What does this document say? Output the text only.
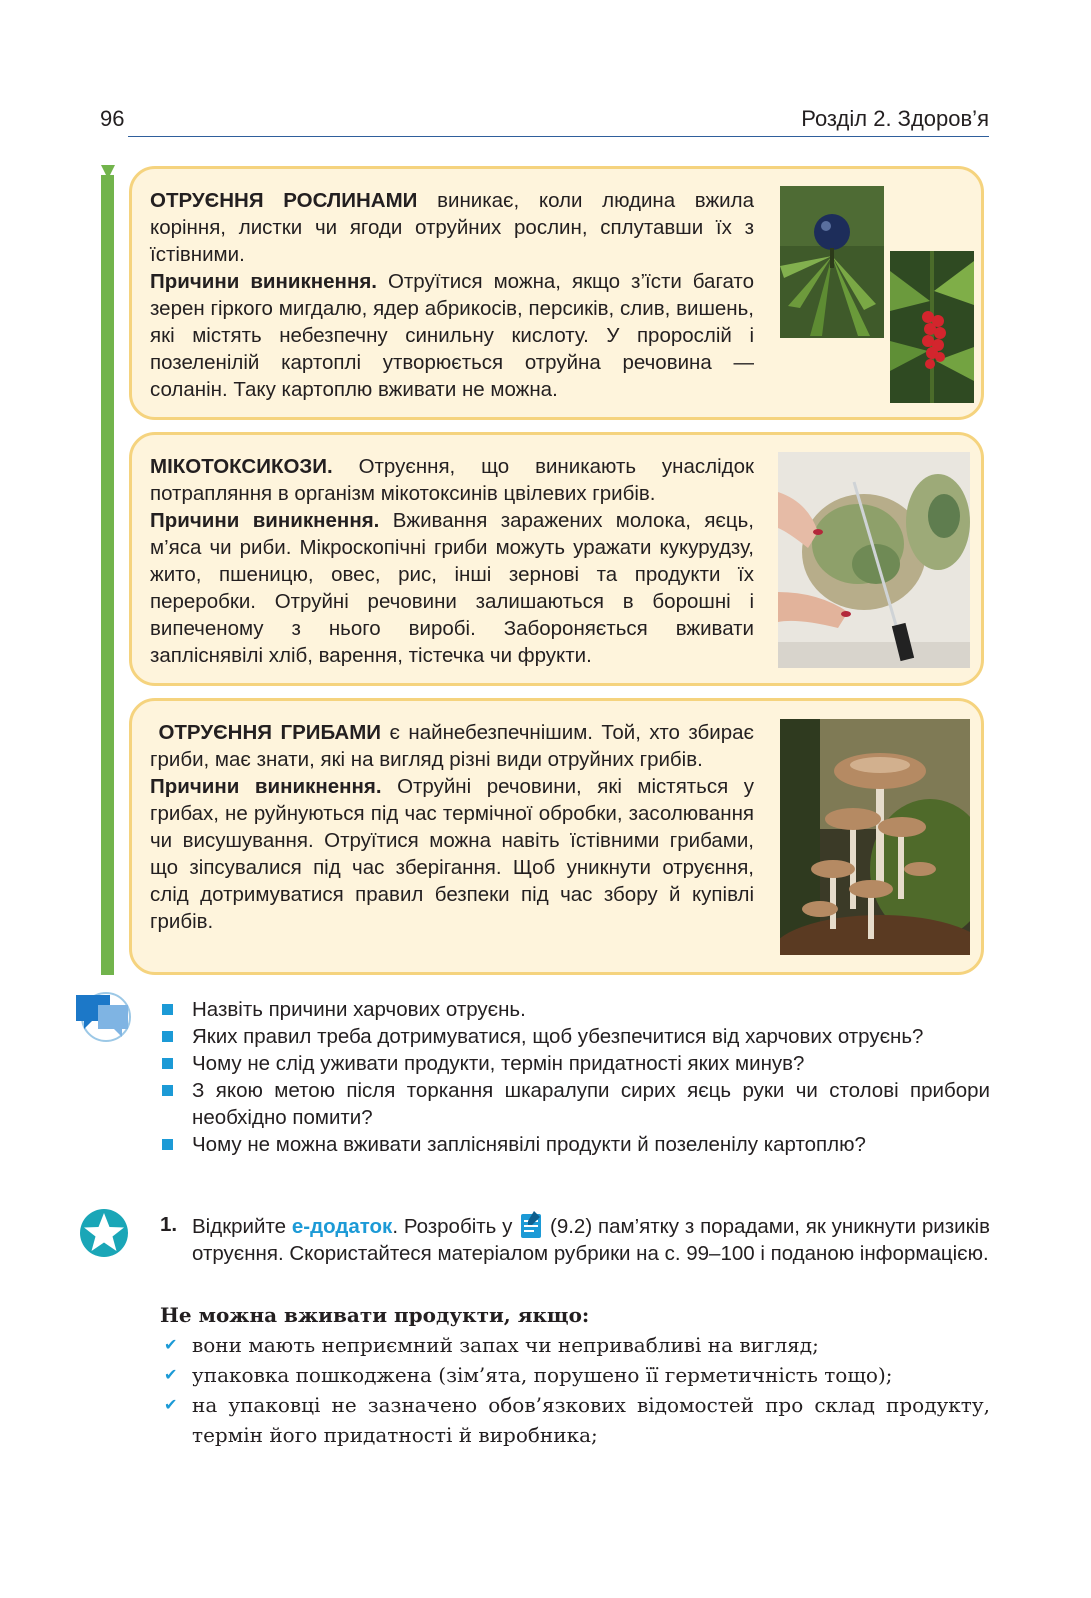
96	Розділ 2. Здоров’я

ОТРУЄННЯ РОСЛИНАМИ виникає, коли людина вжила коріння, листки чи ягоди отруйних рослин, сплутавши їх з їстівними.

Причини виникнення. Отруїтися можна, якщо з’їсти багато зерен гіркого мигдалю, ядер абрикосів, персиків, слив, вишень, які містять небезпечну синильну кислоту. У пророслій і позеленілій картоплі утворюється отруйна речовина — соланін. Таку картоплю вживати не можна.

МІКОТОКСИКОЗИ. Отруєння, що виникають унаслідок потрапляння в організм мікотоксинів цвілевих грибів.

Причини виникнення. Вживання заражених молока, яєць, м’яса чи риби. Мікроскопічні гриби можуть уражати кукурудзу, жито, пшеницю, овес, рис, інші зернові та продукти їх переробки. Отруйні речовини залишаються в борошні і випеченому з нього виробі. Забороняється вживати запліснявілі хліб, варення, тістечка чи фрукти.

ОТРУЄННЯ ГРИБАМИ є найнебезпечнішим. Той, хто збирає гриби, має знати, які на вигляд різні види отруйних грибів.

Причини виникнення. Отруйні речовини, які містяться у грибах, не руйнуються під час термічної обробки, засолювання чи висушування. Отруїтися можна навіть їстівними грибами, що зіпсувалися під час зберігання. Щоб уникнути отруєння, слід дотримуватися правил безпеки під час збору й купівлі грибів.

Назвіть причини харчових отруєнь.
Яких правил треба дотримуватися, щоб убезпечитися від харчових отруєнь?
Чому не слід уживати продукти, термін придатності яких минув?
З якою метою після торкання шкаралупи сирих яєць руки чи столові прибори необхідно помити?
Чому не можна вживати запліснявілі продукти й позеленілу картоплю?
1. Відкрийте е-додаток. Розробіть у  (9.2) пам’ятку з порадами, як уникнути ризиків отруєння. Скористайтеся матеріалом рубрики на с. 99–100 і поданою інформацією.
Не можна вживати продукти, якщо:
✔ вони мають неприємний запах чи непривабливі на вигляд;
✔ упаковка пошкоджена (зім’ята, порушено її герметичність тощо);
✔ на упаковці не зазначено обов’язкових відомостей про склад продукту, термін його придатності й виробника;
